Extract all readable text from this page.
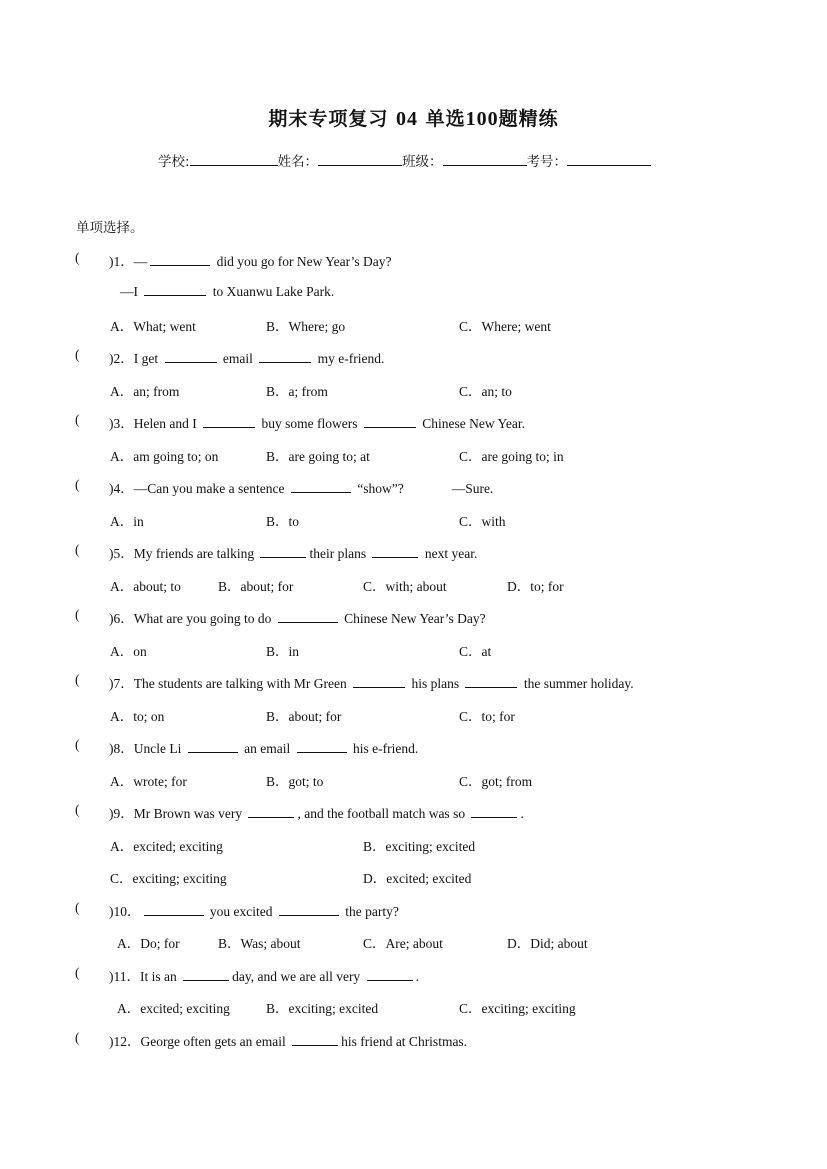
期末专项复习 04 单选100题精练
学校:	姓名：	班级：	考号：
单项选择。
( )1．—	did you go for New Year’s Day?
—I	to Xuanwu Lake Park.
A．What; went	B．Where; go	C．Where; went
( )2．I get	email	my e-friend.
A．an; from	B．a; from	C．an; to
( )3．Helen and I	buy some flowers	Chinese New Year.
A．am going to; on	B．are going to; at	C．are going to; in
( )4．—Can you make a sentence	“show”?	—Sure.
A．in	B．to	C．with
( )5．My friends are talking	their plans	next year.
A．about; to	B．about; for	C．with; about	D．to; for
( )6．What are you going to do	Chinese New Year’s Day?
A．on	B．in	C．at
( )7．The students are talking with Mr Green	his plans	the summer holiday.
A．to; on	B．about; for	C．to; for
( )8．Uncle Li	an email	his e-friend.
A．wrote; for	B．got; to	C．got; from
( )9．Mr Brown was very	, and the football match was so	.
A．excited; exciting	B．exciting; excited
C．exciting; exciting	D．excited; excited
( )10．	you excited	the party?
A．Do; for	B．Was; about	C．Are; about	D．Did; about
( )11．It is an	day, and we are all very	.
A．excited; exciting	B．exciting; excited	C．exciting; exciting
( )12．George often gets an email	his friend at Christmas.
